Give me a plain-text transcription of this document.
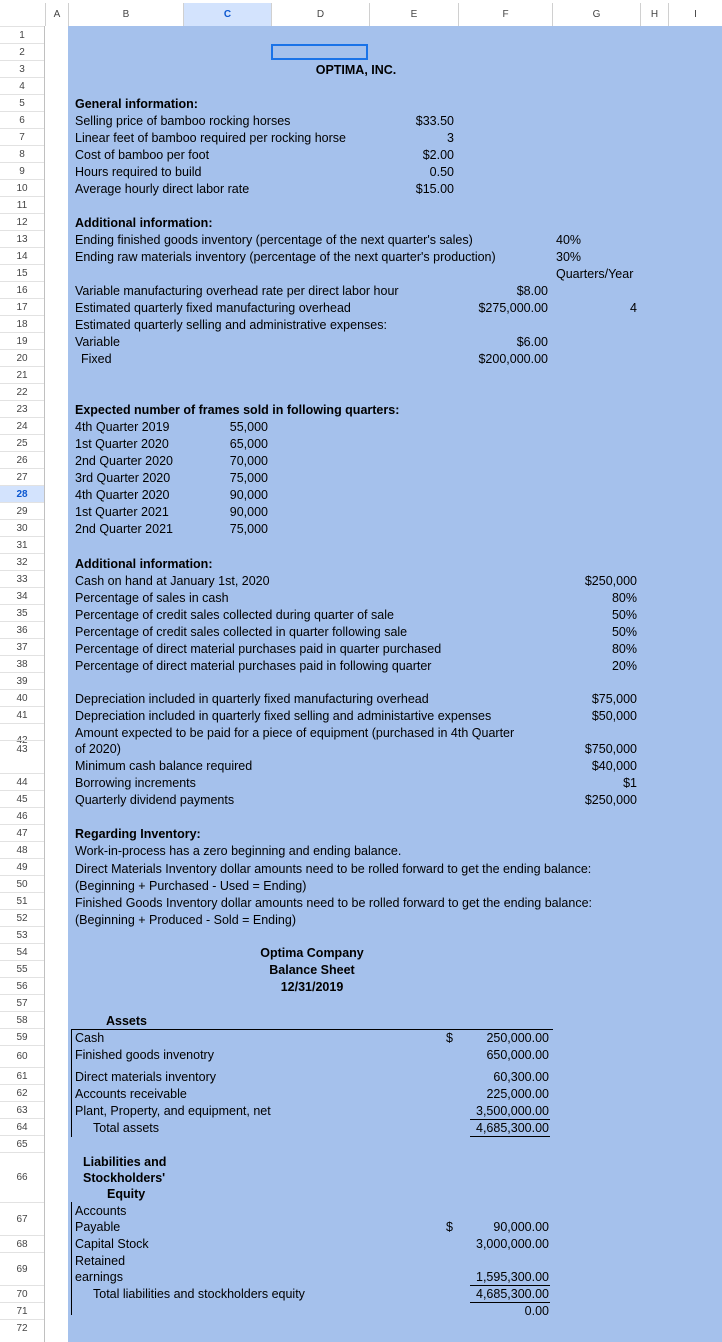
A	B	C	D	E	F	G	H	I
1
2
3
4
5
6
7
8
9
10
11
12
13
14
15
16
17
18
19
20
21
22
23
24
25
26
27
28
29
30
31
32
33
34
35
36
37
38
39
40
41
42
43
44
45
46
47
48
49
50
51
52
53
54
55
56
57
58
59
60
61
62
63
64
65
66
67
68
69
70
71
72
OPTIMA, INC.
General information:
Selling price of bamboo rocking horses	$33.50
Linear feet of bamboo required per rocking horse	3
Cost of bamboo per foot	$2.00
Hours required to build	0.50
Average hourly direct labor rate	$15.00
Additional information:
Ending finished goods inventory (percentage of the next quarter's sales)	40%
Ending raw materials inventory (percentage of the next quarter's production)	30%
Quarters/Year
Variable manufacturing overhead rate per direct labor hour	$8.00
Estimated quarterly fixed manufacturing overhead	$275,000.00	4
Estimated quarterly selling and administrative expenses:
Variable	$6.00
Fixed	$200,000.00
Expected number of frames sold in following quarters:
4th Quarter 2019	55,000
1st Quarter 2020	65,000
2nd Quarter 2020	70,000
3rd Quarter 2020	75,000
4th Quarter 2020	90,000
1st Quarter 2021	90,000
2nd Quarter 2021	75,000
Additional information:
Cash on hand at January 1st, 2020	$250,000
Percentage of sales in cash	80%
Percentage of credit sales collected during quarter of sale	50%
Percentage of credit sales collected in quarter following sale	50%
Percentage of direct material purchases paid in quarter purchased	80%
Percentage of direct material purchases paid in following quarter	20%
Depreciation included in quarterly fixed manufacturing overhead	$75,000
Depreciation included in quarterly fixed selling and administartive expenses	$50,000
Amount expected to be paid for a piece of equipment (purchased in 4th Quarter
of 2020)	$750,000
Minimum cash balance required	$40,000
Borrowing increments	$1
Quarterly dividend payments	$250,000
Regarding Inventory:
Work-in-process has a zero beginning and ending balance.
Direct Materials Inventory dollar amounts need to be rolled forward to get the ending balance:
(Beginning + Purchased - Used = Ending)
Finished Goods Inventory dollar amounts need to be rolled forward to get the ending balance:
(Beginning + Produced - Sold = Ending)
Optima Company
Balance Sheet
12/31/2019
Assets
Cash	$	250,000.00
Finished goods invenotry	650,000.00
Direct materials inventory	60,300.00
Accounts receivable	225,000.00
Plant, Property, and equipment, net	3,500,000.00
Total assets	4,685,300.00
Liabilities and
Stockholders'
Equity
Accounts
Payable	$	90,000.00
Capital Stock	3,000,000.00
Retained
earnings	1,595,300.00
Total liabilities and stockholders equity	4,685,300.00
0.00
